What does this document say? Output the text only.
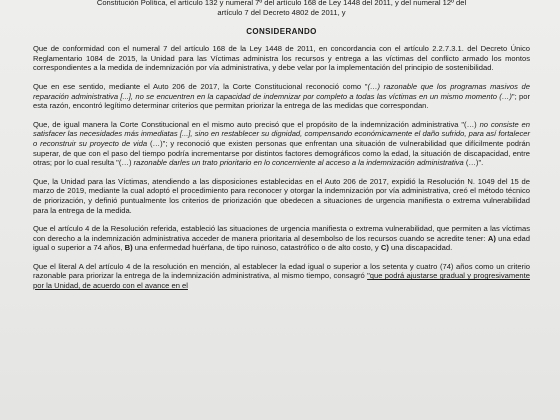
Constitución Política, el artículo 132 y numeral 7º del artículo 168 de Ley 1448 del 2011, y del numeral 12º del
artículo 7 del Decreto 4802 de 2011, y
CONSIDERANDO

Que de conformidad con el numeral 7 del artículo 168 de la Ley 1448 de 2011, en concordancia con el artículo 2.2.7.3.1. del Decreto Único Reglamentario 1084 de 2015, la Unidad para las Víctimas administra los recursos y entrega a las víctimas del conflicto armado los montos correspondientes a la medida de indemnización por vía administrativa, y debe velar por la implementación del principio de sostenibilidad.

Que en ese sentido, mediante el Auto 206 de 2017, la Corte Constitucional reconoció como "(…) razonable que los programas masivos de reparación administrativa [...], no se encuentren en la capacidad de indemnizar por completo a todas las víctimas en un mismo momento (…)"; por esta razón, encontró legítimo determinar criterios que permitan priorizar la entrega de las medidas que correspondan.

Que, de igual manera la Corte Constitucional en el mismo auto precisó que el propósito de la indemnización administrativa "(…) no consiste en satisfacer las necesidades más inmediatas [...], sino en restablecer su dignidad, compensando económicamente el daño sufrido, para así fortalecer o reconstruir su proyecto de vida (…)"; y reconoció que existen personas que enfrentan una situación de vulnerabilidad que difícilmente podrán superar, de que con el paso del tiempo podría incrementarse por distintos factores demográficos como la edad, la situación de discapacidad, entre otras; por lo cual resulta "(…) razonable darles un trato prioritario en lo concerniente al acceso a la indemnización administrativa (…)".

Que, la Unidad para las Víctimas, atendiendo a las disposiciones establecidas en el Auto 206 de 2017, expidió la Resolución N. 1049 del 15 de marzo de 2019, mediante la cual adoptó el procedimiento para reconocer y otorgar la indemnización por vía administrativa, creó el método técnico de priorización, y definió puntualmente los criterios de priorización que obedecen a situaciones de urgencia manifiesta o extrema vulnerabilidad para la entrega de la medida.

Que el artículo 4 de la Resolución referida, estableció las situaciones de urgencia manifiesta o extrema vulnerabilidad, que permiten a las víctimas con derecho a la indemnización administrativa acceder de manera prioritaria al desembolso de los recursos cuando se acredite tener: A) una edad igual o superior a 74 años, B) una enfermedad huérfana, de tipo ruinoso, catastrófico o de alto costo, y C) una discapacidad.

Que el literal A del artículo 4 de la resolución en mención, al establecer la edad igual o superior a los setenta y cuatro (74) años como un criterio razonable para priorizar la entrega de la indemnización administrativa, al mismo tiempo, consagró "que podrá ajustarse gradual y progresivamente por la Unidad, de acuerdo con el avance en el
